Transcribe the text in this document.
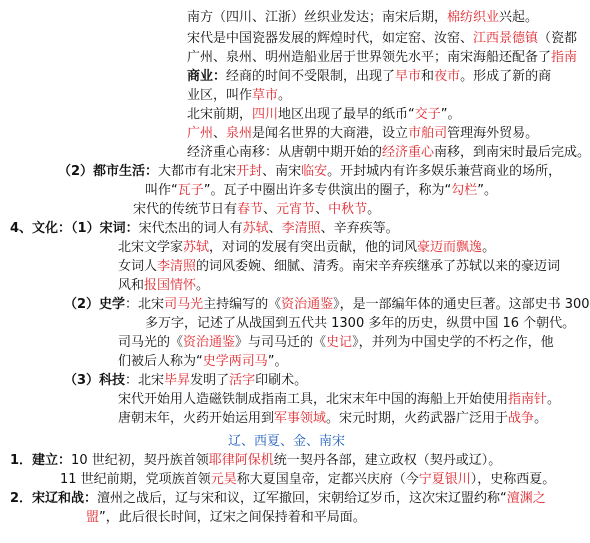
南方（四川、江浙）丝织业发达；南宋后期，棉纺织业兴起。
宋代是中国瓷器发展的辉煌时代，如定窑、汝窑、江西景德镇（瓷都
广州、泉州、明州造船业居于世界领先水平；南宋海船还配备了指南
商业：经商的时间不受限制，出现了早市和夜市。形成了新的商
业区，叫作草市。
北宋前期，四川地区出现了最早的纸币“交子”。
广州、泉州是闻名世界的大商港，设立市舶司管理海外贸易。
经济重心南移：从唐朝中期开始的经济重心南移，到南宋时最后完成。
（2）都市生活：大都市有北宋开封、南宋临安。开封城内有许多娱乐兼营商业的场所，
叫作“瓦子”。瓦子中圈出许多专供演出的圈子，称为“勾栏”。
宋代的传统节日有春节、元宵节、中秋节。
4、文化：（1）宋词：宋代杰出的词人有苏轼、李清照、辛弃疾等。
北宋文学家苏轼，对词的发展有突出贡献，他的词风豪迈而飘逸。
女词人李清照的词风委婉、细腻、清秀。南宋辛弃疾继承了苏轼以来的豪迈词
风和报国情怀。
（2）史学：北宋司马光主持编写的《资治通鉴》，是一部编年体的通史巨著。这部史书 300
多万字，记述了从战国到五代共 1300 多年的历史，纵贯中国 16 个朝代。
司马光的《资治通鉴》与司马迁的《史记》，并列为中国史学的不朽之作，他
们被后人称为“史学两司马”。
（3）科技：北宋毕昇发明了活字印刷术。
宋代开始用人造磁铁制成指南工具，北宋末年中国的海船上开始使用指南针。
唐朝末年，火药开始运用到军事领域。宋元时期，火药武器广泛用于战争。
辽、西夏、金、南宋
1．建立：10 世纪初，契丹族首领耶律阿保机统一契丹各部，建立政权（契丹或辽）。
11 世纪前期，党项族首领元昊称大夏国皇帝，定都兴庆府（今宁夏银川），史称西夏。
2．宋辽和战：澶州之战后，辽与宋和议，辽军撤回，宋朝给辽岁币，这次宋辽盟约称“澶渊之
盟”，此后很长时间，辽宋之间保持着和平局面。
